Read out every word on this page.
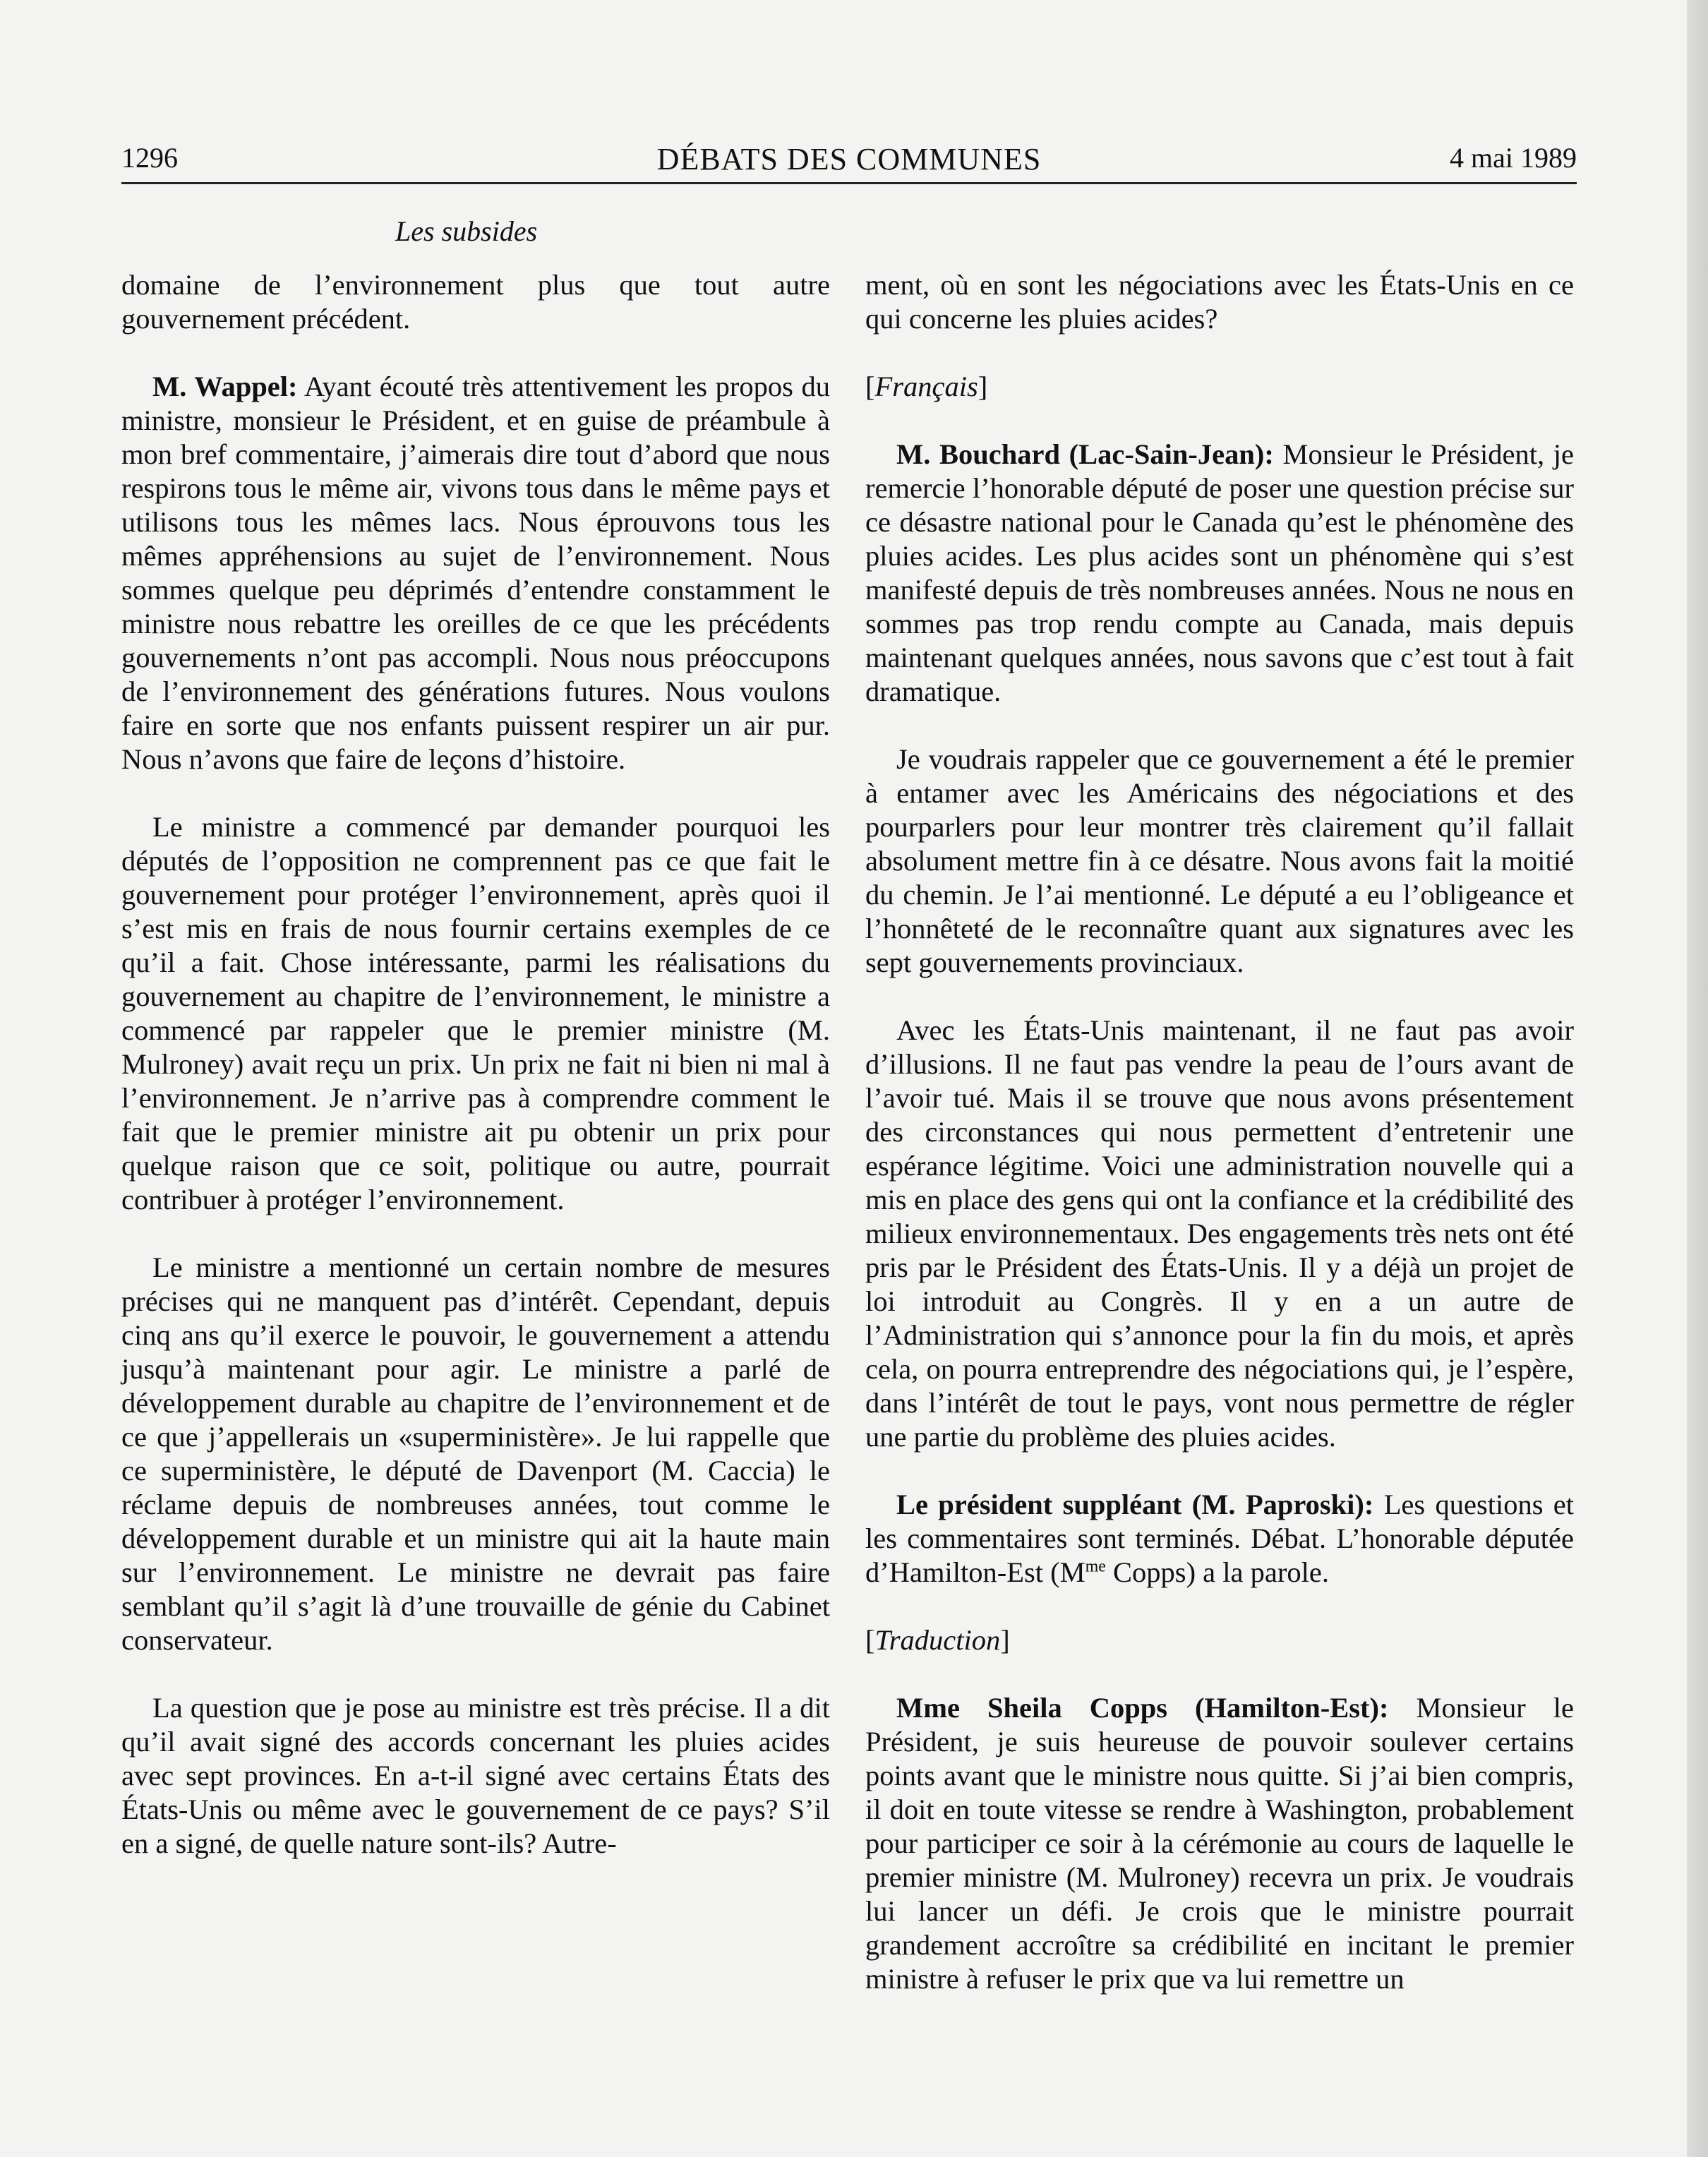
1296	DÉBATS DES COMMUNES	4 mai 1989
Les subsides

domaine de l’environnement plus que tout autre gouvernement précédent.

M. Wappel: Ayant écouté très attentivement les propos du ministre, monsieur le Président, et en guise de préambule à mon bref commentaire, j’aimerais dire tout d’abord que nous respirons tous le même air, vivons tous dans le même pays et utilisons tous les mêmes lacs. Nous éprouvons tous les mêmes appréhensions au sujet de l’environnement. Nous sommes quelque peu déprimés d’entendre constamment le ministre nous rebattre les oreilles de ce que les précédents gouvernements n’ont pas accompli. Nous nous préoccupons de l’environnement des générations futures. Nous voulons faire en sorte que nos enfants puissent respirer un air pur. Nous n’avons que faire de leçons d’histoire.

Le ministre a commencé par demander pourquoi les députés de l’opposition ne comprennent pas ce que fait le gouvernement pour protéger l’environnement, après quoi il s’est mis en frais de nous fournir certains exemples de ce qu’il a fait. Chose intéressante, parmi les réalisations du gouvernement au chapitre de l’environnement, le ministre a commencé par rappeler que le premier ministre (M. Mulroney) avait reçu un prix. Un prix ne fait ni bien ni mal à l’environnement. Je n’arrive pas à comprendre comment le fait que le premier ministre ait pu obtenir un prix pour quelque raison que ce soit, politique ou autre, pourrait contribuer à protéger l’environnement.

Le ministre a mentionné un certain nombre de mesures précises qui ne manquent pas d’intérêt. Cependant, depuis cinq ans qu’il exerce le pouvoir, le gouvernement a attendu jusqu’à maintenant pour agir. Le ministre a parlé de développement durable au chapitre de l’environnement et de ce que j’appellerais un «superministère». Je lui rappelle que ce superministère, le député de Davenport (M. Caccia) le réclame depuis de nombreuses années, tout comme le développement durable et un ministre qui ait la haute main sur l’environnement. Le ministre ne devrait pas faire semblant qu’il s’agit là d’une trouvaille de génie du Cabinet conservateur.

La question que je pose au ministre est très précise. Il a dit qu’il avait signé des accords concernant les pluies acides avec sept provinces. En a-t-il signé avec certains États des États-Unis ou même avec le gouvernement de ce pays? S’il en a signé, de quelle nature sont-ils? Autre-

ment, où en sont les négociations avec les États-Unis en ce qui concerne les pluies acides?

[Français]

M. Bouchard (Lac-Sain-Jean): Monsieur le Président, je remercie l’honorable député de poser une question précise sur ce désastre national pour le Canada qu’est le phénomène des pluies acides. Les plus acides sont un phénomène qui s’est manifesté depuis de très nombreuses années. Nous ne nous en sommes pas trop rendu compte au Canada, mais depuis maintenant quelques années, nous savons que c’est tout à fait dramatique.

Je voudrais rappeler que ce gouvernement a été le premier à entamer avec les Américains des négociations et des pourparlers pour leur montrer très clairement qu’il fallait absolument mettre fin à ce désatre. Nous avons fait la moitié du chemin. Je l’ai mentionné. Le député a eu l’obligeance et l’honnêteté de le reconnaître quant aux signatures avec les sept gouvernements provinciaux.

Avec les États-Unis maintenant, il ne faut pas avoir d’illusions. Il ne faut pas vendre la peau de l’ours avant de l’avoir tué. Mais il se trouve que nous avons présentement des circonstances qui nous permettent d’entretenir une espérance légitime. Voici une administration nouvelle qui a mis en place des gens qui ont la confiance et la crédibilité des milieux environnementaux. Des engagements très nets ont été pris par le Président des États-Unis. Il y a déjà un projet de loi introduit au Congrès. Il y en a un autre de l’Administration qui s’annonce pour la fin du mois, et après cela, on pourra entreprendre des négociations qui, je l’espère, dans l’intérêt de tout le pays, vont nous permettre de régler une partie du problème des pluies acides.

Le président suppléant (M. Paproski): Les questions et les commentaires sont terminés. Débat. L’honorable députée d’Hamilton-Est ($M^{me}$ Copps) a la parole.

[Traduction]

Mme Sheila Copps (Hamilton-Est): Monsieur le Président, je suis heureuse de pouvoir soulever certains points avant que le ministre nous quitte. Si j’ai bien compris, il doit en toute vitesse se rendre à Washington, probablement pour participer ce soir à la cérémonie au cours de laquelle le premier ministre (M. Mulroney) recevra un prix. Je voudrais lui lancer un défi. Je crois que le ministre pourrait grandement accroître sa crédibilité en incitant le premier ministre à refuser le prix que va lui remettre un
